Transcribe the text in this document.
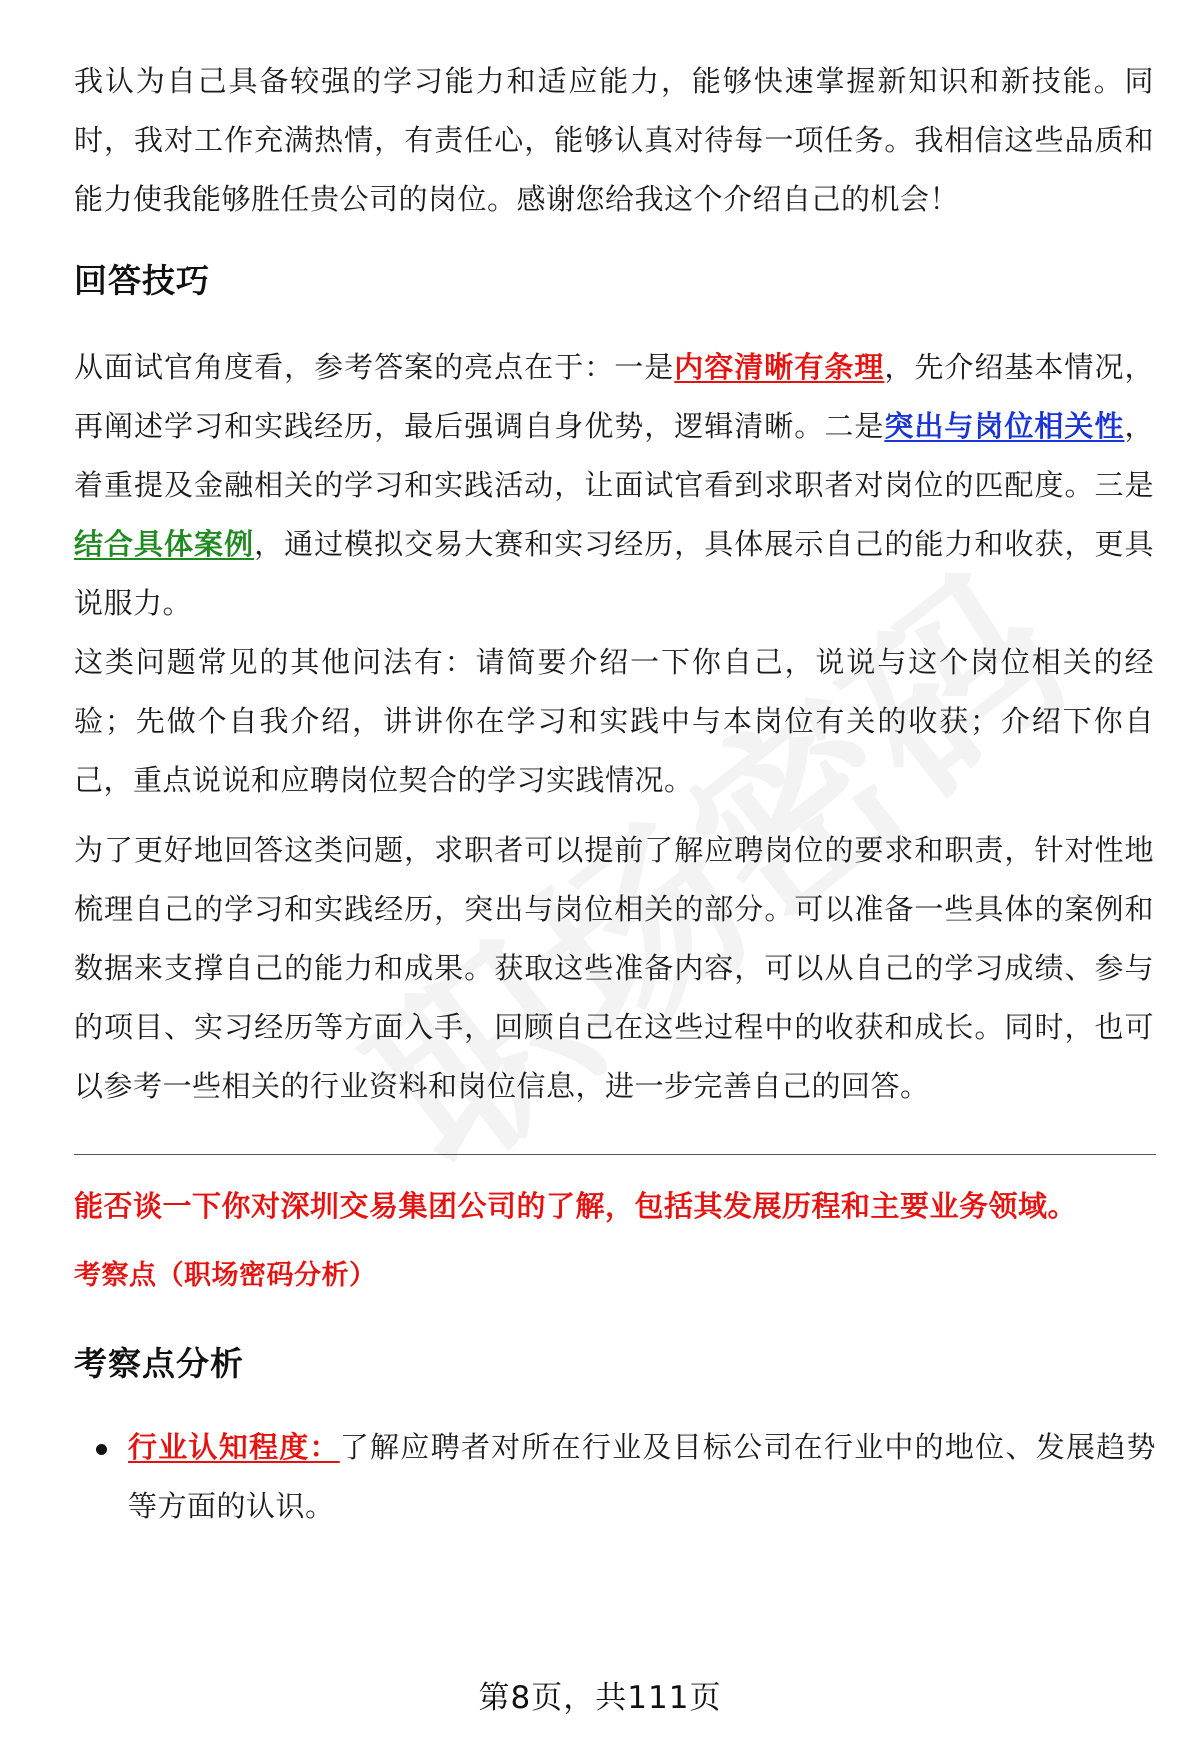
我认为自己具备较强的学习能力和适应能力，能够快速掌握新知识和新技能。同时，我对工作充满热情，有责任心，能够认真对待每一项任务。我相信这些品质和能力使我能够胜任贵公司的岗位。感谢您给我这个介绍自己的机会！

回答技巧

从面试官角度看，参考答案的亮点在于：一是内容清晰有条理，先介绍基本情况，再阐述学习和实践经历，最后强调自身优势，逻辑清晰。二是突出与岗位相关性，着重提及金融相关的学习和实践活动，让面试官看到求职者对岗位的匹配度。三是结合具体案例，通过模拟交易大赛和实习经历，具体展示自己的能力和收获，更具说服力。

这类问题常见的其他问法有：请简要介绍一下你自己，说说与这个岗位相关的经验；先做个自我介绍，讲讲你在学习和实践中与本岗位有关的收获；介绍下你自己，重点说说和应聘岗位契合的学习实践情况。

为了更好地回答这类问题，求职者可以提前了解应聘岗位的要求和职责，针对性地梳理自己的学习和实践经历，突出与岗位相关的部分。可以准备一些具体的案例和数据来支撑自己的能力和成果。获取这些准备内容，可以从自己的学习成绩、参与的项目、实习经历等方面入手，回顾自己在这些过程中的收获和成长。同时，也可以参考一些相关的行业资料和岗位信息，进一步完善自己的回答。

能否谈一下你对深圳交易集团公司的了解，包括其发展历程和主要业务领域。

考察点（职场密码分析）

考察点分析

行业认知程度：了解应聘者对所在行业及目标公司在行业中的地位、发展趋势等方面的认识。

第8页，共111页
